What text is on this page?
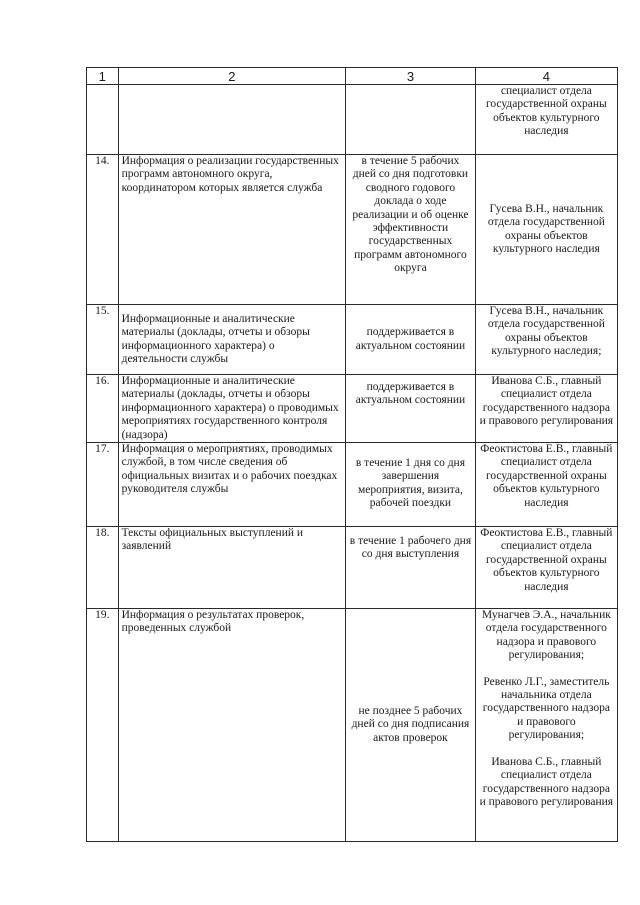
1	2	3	4

			специалист отдела государственной охраны объектов культурного наследия

14.	Информация о реализации государственных программ автономного округа, координатором которых является служба	в течение 5 рабочих дней со дня подготовки сводного годового доклада о ходе реализации и об оценке эффективности государственных программ автономного округа	Гусева В.Н., начальник отдела государственной охраны объектов культурного наследия

15.	Информационные и аналитические материалы (доклады, отчеты и обзоры информационного характера) о деятельности службы	поддерживается в актуальном состоянии	Гусева В.Н., начальник отдела государственной охраны объектов культурного наследия;

16.	Информационные и аналитические материалы (доклады, отчеты и обзоры информационного характера) о проводимых мероприятиях государственного контроля (надзора)	поддерживается в актуальном состоянии	Иванова С.Б., главный специалист отдела государственного надзора и правового регулирования

17.	Информация о мероприятиях, проводимых службой, в том числе сведения об официальных визитах и о рабочих поездках руководителя службы	в течение 1 дня со дня завершения мероприятия, визита, рабочей поездки	Феоктистова Е.В., главный специалист отдела государственной охраны объектов культурного наследия

18.	Тексты официальных выступлений и заявлений	в течение 1 рабочего дня со дня выступления	Феоктистова Е.В., главный специалист отдела государственной охраны объектов культурного наследия

19.	Информация о результатах проверок, проведенных службой	не позднее 5 рабочих дней со дня подписания актов проверок	Мунагчев Э.А., начальник отдела государственного надзора и правового регулирования;
Ревенко Л.Г., заместитель начальника отдела государственного надзора и правового регулирования;
Иванова С.Б., главный специалист отдела государственного надзора и правового регулирования
